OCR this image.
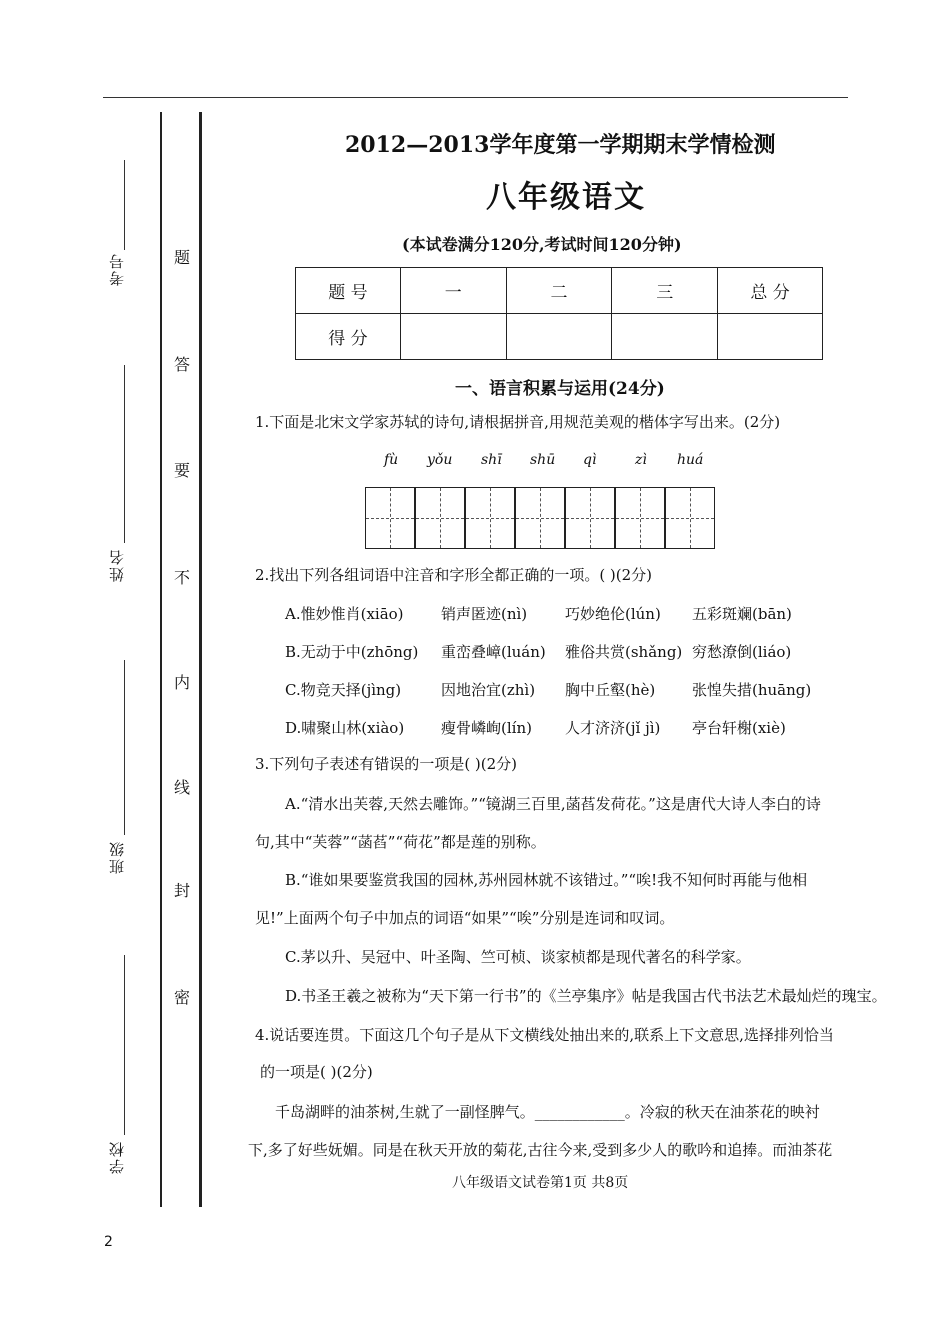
考号
姓名
班级
学校
题
答
要
不
内
线
封
密
2012—2013学年度第一学期期末学情检测
八年级语文
(本试卷满分120分,考试时间120分钟)
题 号	一	二	三	总 分
得 分				
一、语言积累与运用(24分)
1.下面是北宋文学家苏轼的诗句,请根据拼音,用规范美观的楷体字写出来。(2分)
fù yǒu shī shū qì	zì huá
2.找出下列各组词语中注音和字形全都正确的一项。( )(2分)
A.惟妙惟肖(xiāo) 销声匿迹(nì)	巧妙绝伦(lún) 五彩斑斓(bān)
B.无动于中(zhōng) 重峦叠嶂(luán) 雅俗共赏(shǎng) 穷愁潦倒(liáo)
C.物竞天择(jìng)	因地治宜(zhì) 胸中丘壑(hè) 张惶失措(huāng)
D.啸聚山林(xiào) 瘦骨嶙峋(lín) 人才济济(jǐ jì) 亭台轩榭(xiè)
3.下列句子表述有错误的一项是( )(2分)
A.“清水出芙蓉,天然去雕饰。”“镜湖三百里,菡萏发荷花。”这是唐代大诗人李白的诗
句,其中“芙蓉”“菡萏”“荷花”都是莲的别称。
B.“谁如果要鉴赏我国的园林,苏州园林就不该错过。”“唉!我不知何时再能与他相
见!”上面两个句子中加点的词语“如果”“唉”分别是连词和叹词。
C.茅以升、吴冠中、叶圣陶、竺可桢、谈家桢都是现代著名的科学家。
D.书圣王羲之被称为“天下第一行书”的《兰亭集序》帖是我国古代书法艺术最灿烂的瑰宝。
4.说话要连贯。下面这几个句子是从下文横线处抽出来的,联系上下文意思,选择排列恰当
的一项是( )(2分)
千岛湖畔的油茶树,生就了一副怪脾气。____________。冷寂的秋天在油茶花的映衬
下,多了好些妩媚。同是在秋天开放的菊花,古往今来,受到多少人的歌吟和追捧。而油茶花
八年级语文试卷第1页 共8页
2
